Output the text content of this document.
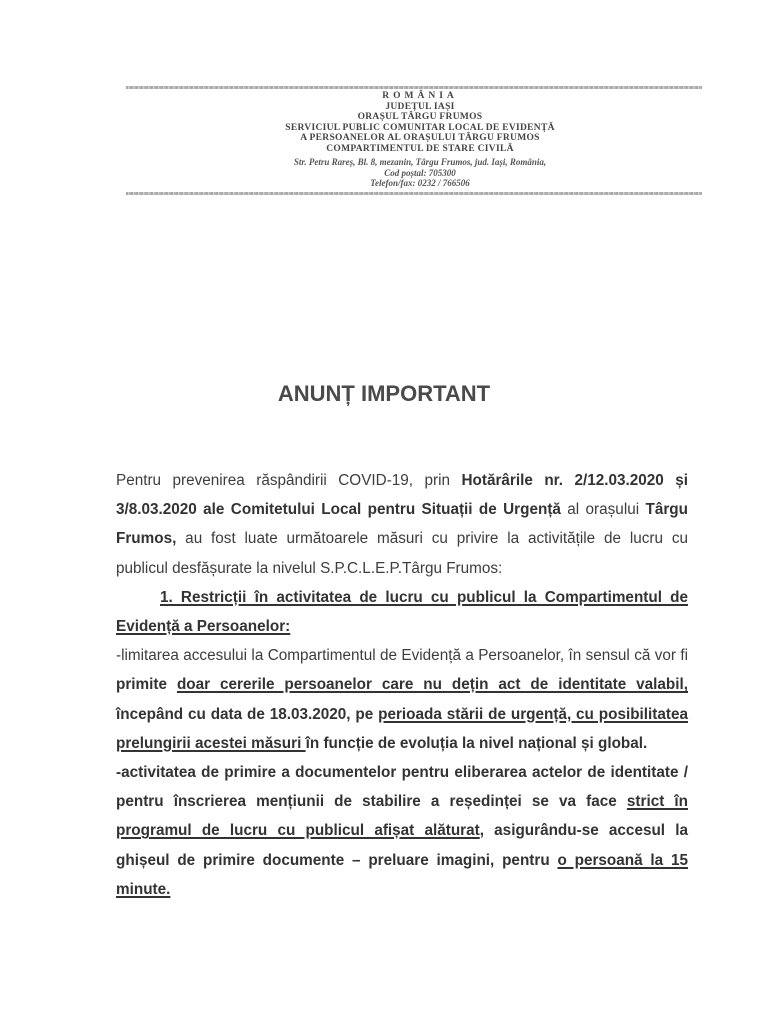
ROMÂNIA
JUDEȚUL IAȘI
ORAȘUL TÂRGU FRUMOS
SERVICIUL PUBLIC COMUNITAR LOCAL DE EVIDENȚĂ
A PERSOANELOR AL ORAȘULUI TÂRGU FRUMOS
COMPARTIMENTUL DE STARE CIVILĂ
Str. Petru Rareș, Bl. 8, mezanin, Târgu Frumos, jud. Iași, România,
Cod poștal: 705300
Telefon/fax: 0232 / 766506
ANUNȚ IMPORTANT

Pentru prevenirea răspândirii COVID-19, prin Hotărârile nr. 2/12.03.2020 și 3/8.03.2020 ale Comitetului Local pentru Situații de Urgență al orașului Târgu Frumos, au fost luate următoarele măsuri cu privire la activitățile de lucru cu publicul desfășurate la nivelul S.P.C.L.E.P.Târgu Frumos:

1. Restricții în activitatea de lucru cu publicul la Compartimentul de Evidență a Persoanelor:

-limitarea accesului la Compartimentul de Evidență a Persoanelor, în sensul că vor fi primite doar cererile persoanelor care nu dețin act de identitate valabil, începând cu data de 18.03.2020, pe perioada stării de urgență, cu posibilitatea prelungirii acestei măsuri în funcție de evoluția la nivel național și global.

-activitatea de primire a documentelor pentru eliberarea actelor de identitate / pentru înscrierea mențiunii de stabilire a reședinței se va face strict în programul de lucru cu publicul afișat alăturat, asigurându-se accesul la ghișeul de primire documente – preluare imagini, pentru o persoană la 15 minute.
